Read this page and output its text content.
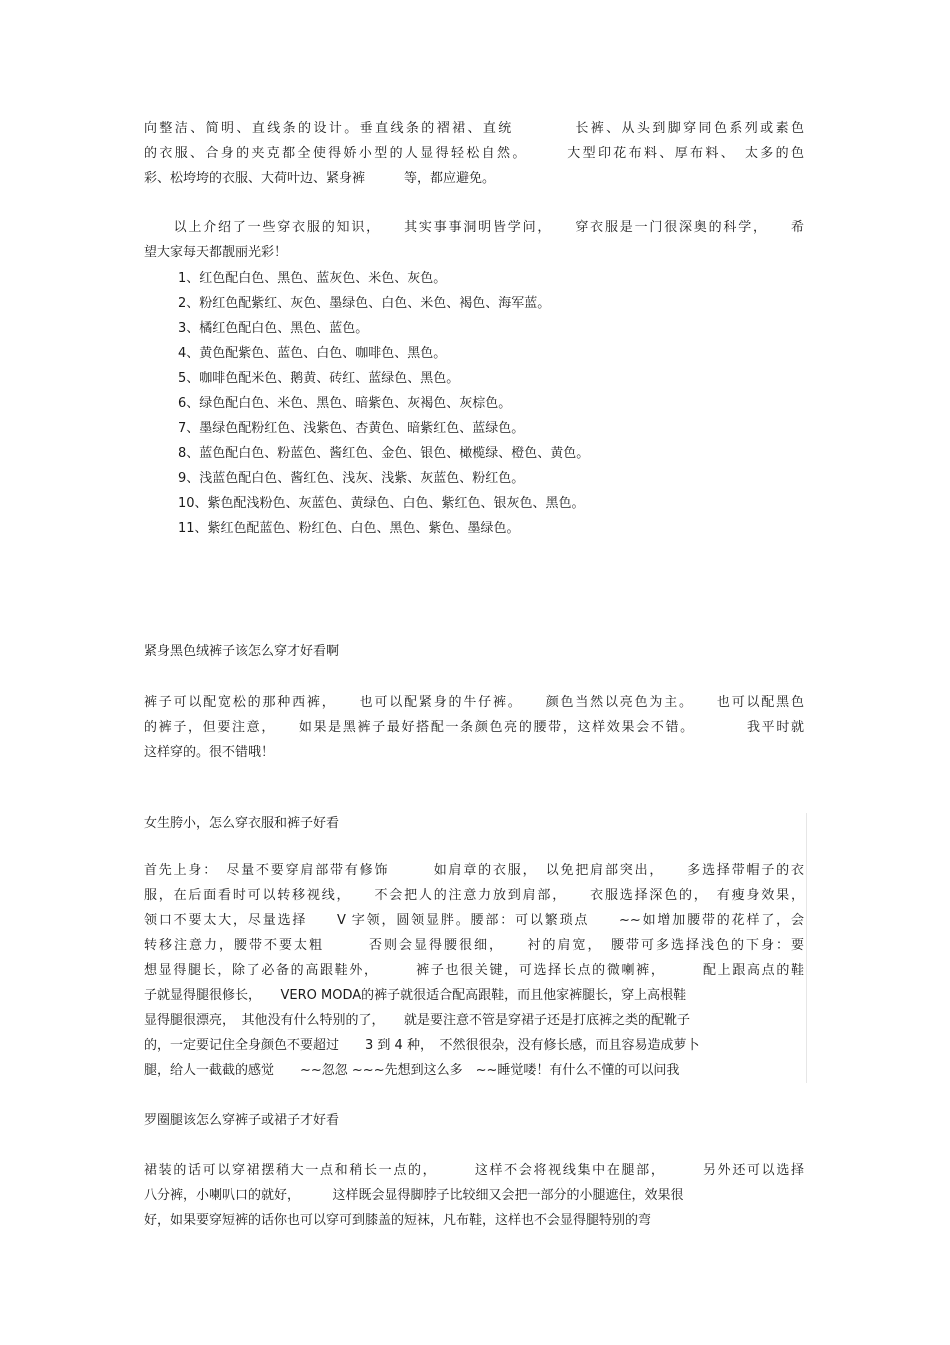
向整洁、简明、直线条的设计。垂直线条的褶裙、直统　　　　长裤、从头到脚穿同色系列或素色
的衣服、合身的夹克都全使得娇小型的人显得轻松自然。　　　大型印花布料、厚布料、　太多的色
彩、松垮垮的衣服、大荷叶边、紧身裤　　　等，都应避免。
　　以上介绍了一些穿衣服的知识，　　其实事事洞明皆学问，　　穿衣服是一门很深奥的科学，　　希
望大家每天都靓丽光彩！
1、红色配白色、黑色、蓝灰色、米色、灰色。
2、粉红色配紫红、灰色、墨绿色、白色、米色、褐色、海军蓝。
3、橘红色配白色、黑色、蓝色。
4、黄色配紫色、蓝色、白色、咖啡色、黑色。
5、咖啡色配米色、鹅黄、砖红、蓝绿色、黑色。
6、绿色配白色、米色、黑色、暗紫色、灰褐色、灰棕色。
7、墨绿色配粉红色、浅紫色、杏黄色、暗紫红色、蓝绿色。
8、蓝色配白色、粉蓝色、酱红色、金色、银色、橄榄绿、橙色、黄色。
9、浅蓝色配白色、酱红色、浅灰、浅紫、灰蓝色、粉红色。
10、紫色配浅粉色、灰蓝色、黄绿色、白色、紫红色、银灰色、黑色。
11、紫红色配蓝色、粉红色、白色、黑色、紫色、墨绿色。
紧身黑色绒裤子该怎么穿才好看啊
裤子可以配宽松的那种西裤，　　也可以配紧身的牛仔裤。　　颜色当然以亮色为主。　　也可以配黑色
的裤子，但要注意，　　如果是黑裤子最好搭配一条颜色亮的腰带，这样效果会不错。　　　　我平时就
这样穿的。很不错哦！
女生胯小，怎么穿衣服和裤子好看
首先上身：　尽量不要穿肩部带有修饰　　　如肩章的衣服，　以免把肩部突出，　　多选择带帽子的衣
服，在后面看时可以转移视线，　　不会把人的注意力放到肩部，　　衣服选择深色的，　有瘦身效果，
领口不要太大，尽量选择　　V 字领，圆领显胖。腰部：可以繁琐点　　~~如增加腰带的花样了，会
转移注意力，腰带不要太粗　　　否则会显得腰很细，　　衬的肩宽，　腰带可多选择浅色的下身：要
想显得腿长，除了必备的高跟鞋外，　　　裤子也很关键，可选择长点的微喇裤，　　　配上跟高点的鞋
子就显得腿很修长，　　VERO MODA的裤子就很适合配高跟鞋，而且他家裤腿长，穿上高根鞋
显得腿很漂亮，　其他没有什么特别的了，　　就是要注意不管是穿裙子还是打底裤之类的配靴子
的，一定要记住全身颜色不要超过　　3 到 4 种，　不然很很杂，没有修长感，而且容易造成萝卜
腿，给人一截截的感觉　　~~忽忽 ~~~先想到这么多　~~睡觉喽！有什么不懂的可以问我
罗圈腿该怎么穿裤子或裙子才好看
裙装的话可以穿裙摆稍大一点和稍长一点的，　　　这样不会将视线集中在腿部，　　　另外还可以选择
八分裤，小喇叭口的就好，　　　这样既会显得脚脖子比较细又会把一部分的小腿遮住，效果很
好，如果要穿短裤的话你也可以穿可到膝盖的短袜，凡布鞋，这样也不会显得腿特别的弯
